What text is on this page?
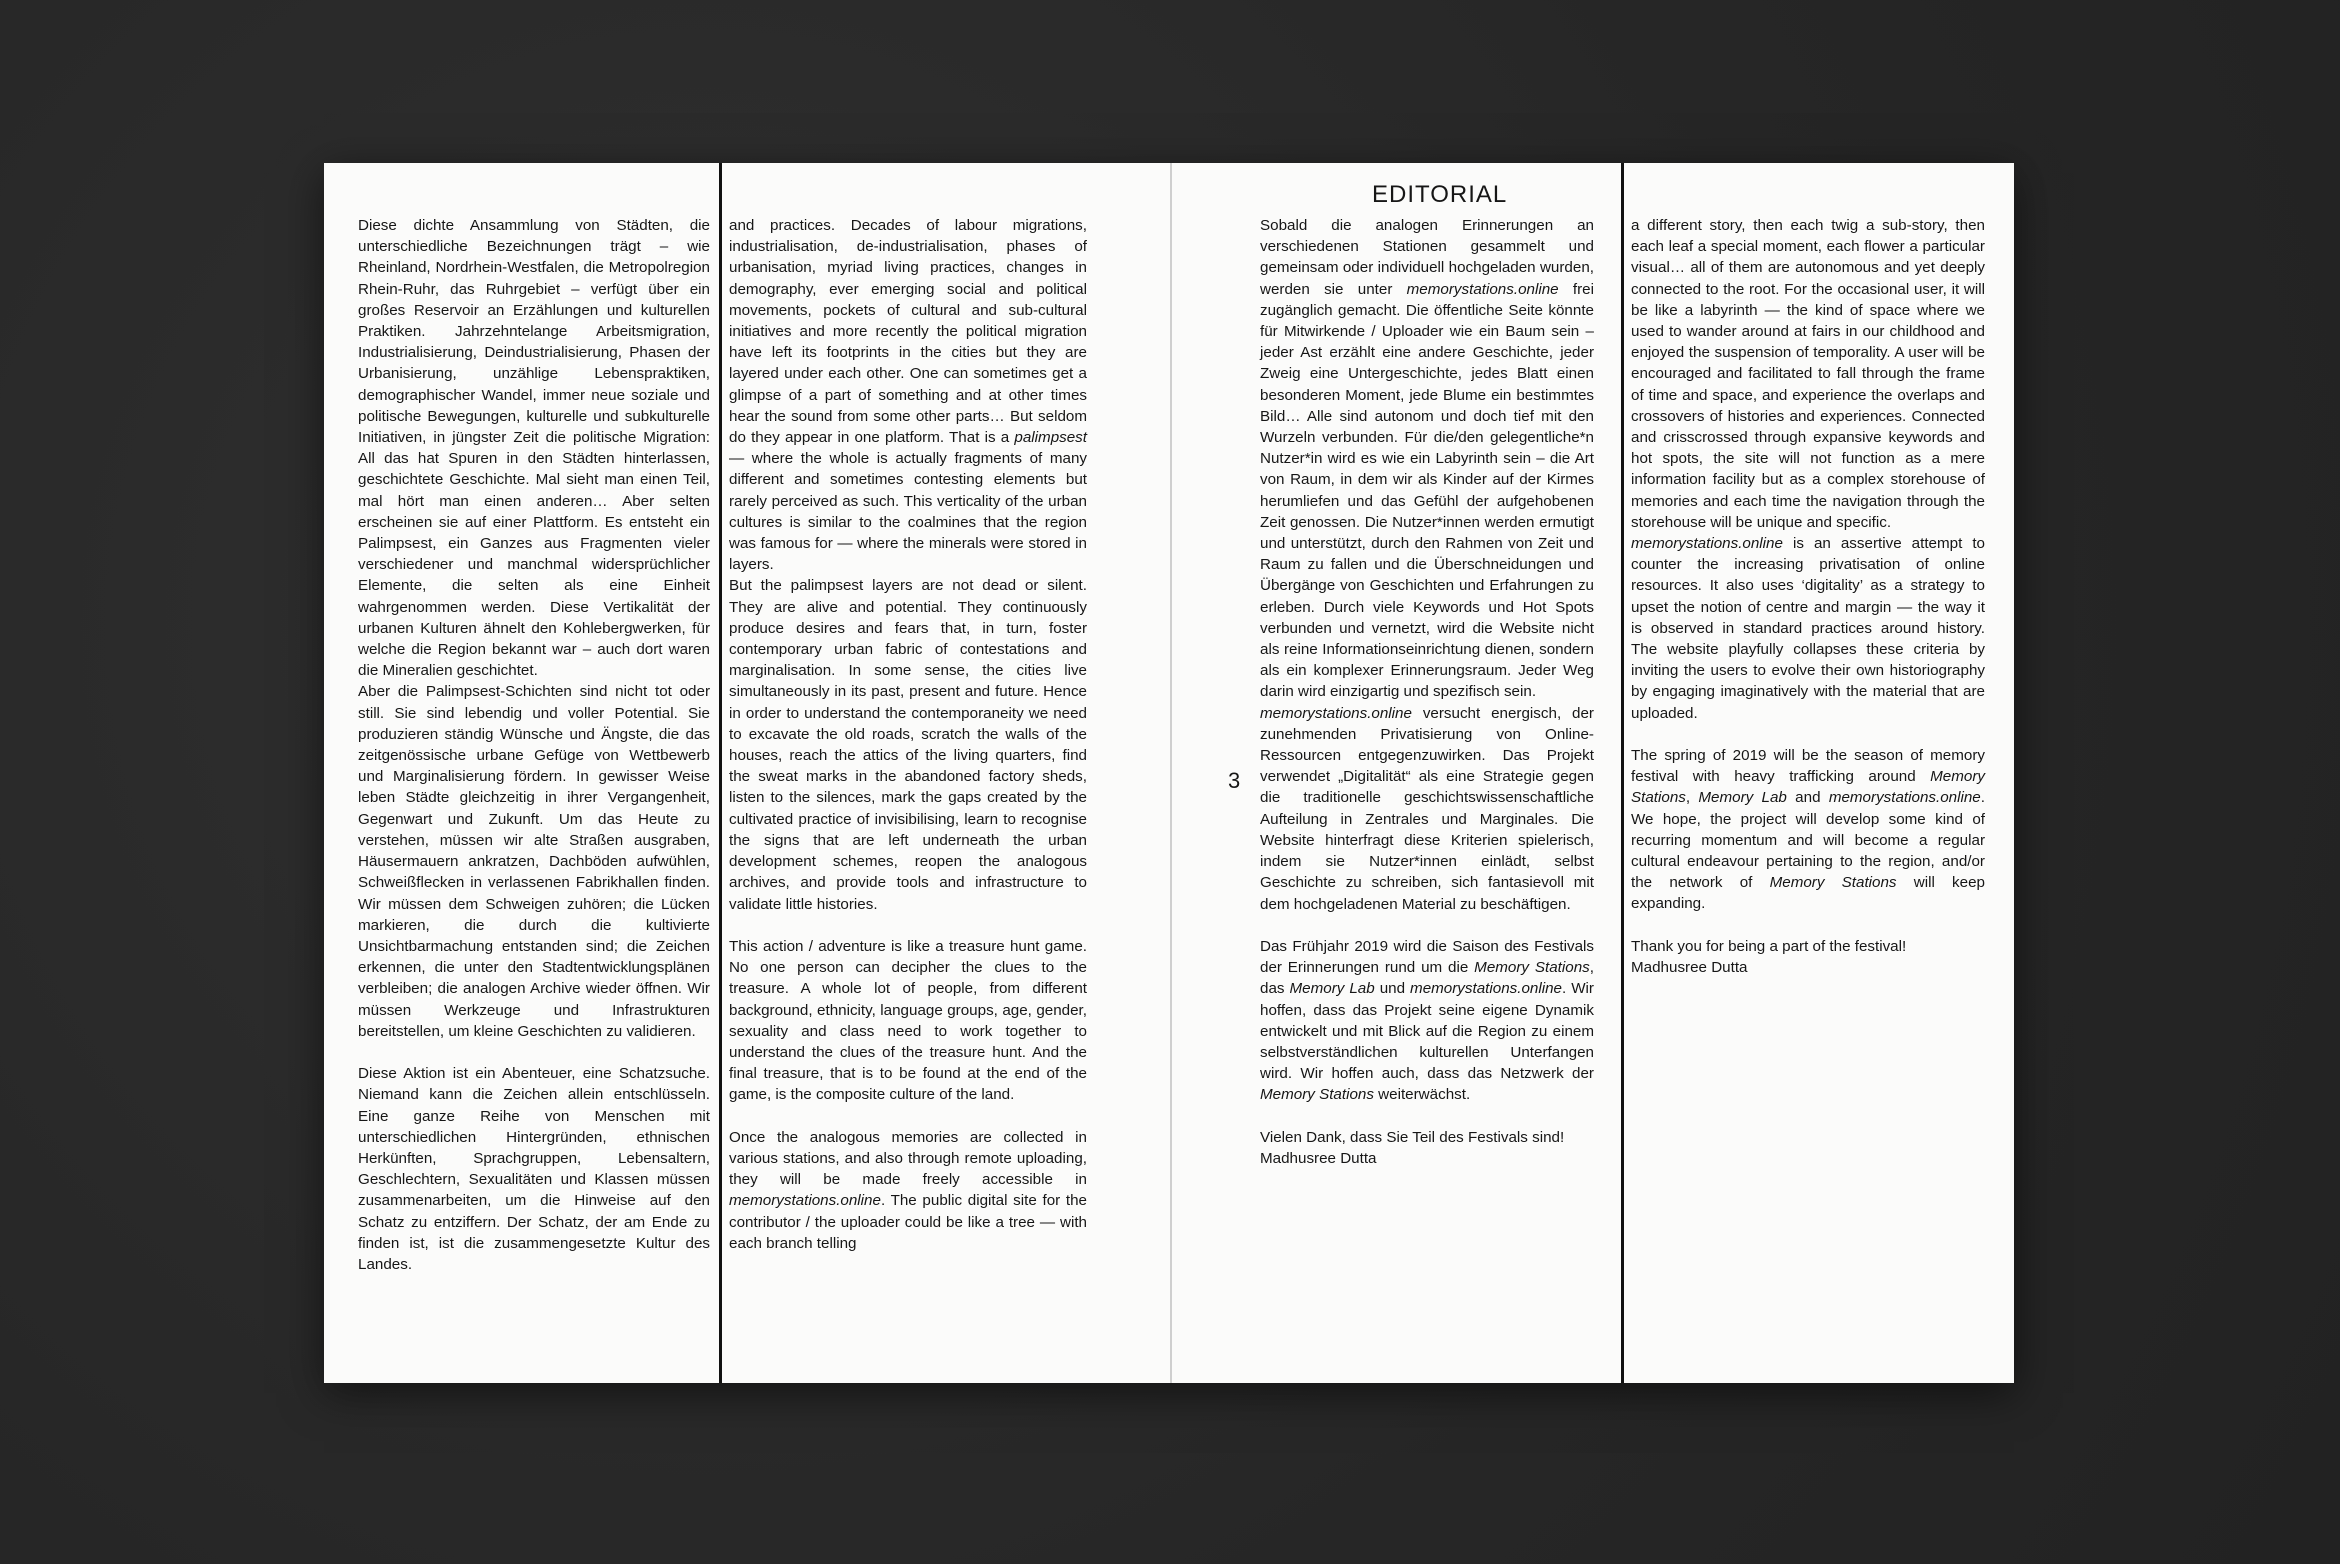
EDITORIAL
3

Diese dichte Ansammlung von Städten, die unterschiedliche Bezeichnungen trägt – wie Rheinland, Nordrhein-Westfalen, die Metropolregion Rhein-Ruhr, das Ruhrgebiet – verfügt über ein großes Reservoir an Erzählungen und kulturellen Praktiken. Jahrzehntelange Arbeitsmigration, Industrialisierung, Deindustrialisierung, Phasen der Urbanisierung, unzählige Lebenspraktiken, demographischer Wandel, immer neue soziale und politische Bewegungen, kulturelle und subkulturelle Initiativen, in jüngster Zeit die politische Migration: All das hat Spuren in den Städten hinterlassen, geschichtete Geschichte. Mal sieht man einen Teil, mal hört man einen anderen… Aber selten erscheinen sie auf einer Plattform. Es entsteht ein Palimpsest, ein Ganzes aus Fragmenten vieler verschiedener und manchmal widersprüchlicher Elemente, die selten als eine Einheit wahrgenommen werden. Diese Vertikalität der urbanen Kulturen ähnelt den Kohlebergwerken, für welche die Region bekannt war – auch dort waren die Mineralien geschichtet.

Aber die Palimpsest-Schichten sind nicht tot oder still. Sie sind lebendig und voller Potential. Sie produzieren ständig Wünsche und Ängste, die das zeitgenössische urbane Gefüge von Wettbewerb und Marginalisierung fördern. In gewisser Weise leben Städte gleichzeitig in ihrer Vergangenheit, Gegenwart und Zukunft. Um das Heute zu verstehen, müssen wir alte Straßen ausgraben, Häusermauern ankratzen, Dachböden aufwühlen, Schweißflecken in verlassenen Fabrikhallen finden. Wir müssen dem Schweigen zuhören; die Lücken markieren, die durch die kultivierte Unsichtbarmachung entstanden sind; die Zeichen erkennen, die unter den Stadtentwicklungsplänen verbleiben; die analogen Archive wieder öffnen. Wir müssen Werkzeuge und Infrastrukturen bereitstellen, um kleine Geschichten zu validieren.

Diese Aktion ist ein Abenteuer, eine Schatzsuche. Niemand kann die Zeichen allein entschlüsseln. Eine ganze Reihe von Menschen mit unterschiedlichen Hintergründen, ethnischen Herkünften, Sprachgruppen, Lebensaltern, Geschlechtern, Sexualitäten und Klassen müssen zusammenarbeiten, um die Hinweise auf den Schatz zu entziffern. Der Schatz, der am Ende zu finden ist, ist die zusammengesetzte Kultur des Landes.

and practices. Decades of labour migrations, industrialisation, de-industrialisation, phases of urbanisation, myriad living practices, changes in demography, ever emerging social and political movements, pockets of cultural and sub-cultural initiatives and more recently the political migration have left its footprints in the cities but they are layered under each other. One can sometimes get a glimpse of a part of something and at other times hear the sound from some other parts… But seldom do they appear in one platform. That is a palimpsest — where the whole is actually fragments of many different and sometimes contesting elements but rarely perceived as such. This verticality of the urban cultures is similar to the coalmines that the region was famous for — where the minerals were stored in layers.

But the palimpsest layers are not dead or silent. They are alive and potential. They continuously produce desires and fears that, in turn, foster contemporary urban fabric of contestations and marginalisation. In some sense, the cities live simultaneously in its past, present and future. Hence in order to understand the contemporaneity we need to excavate the old roads, scratch the walls of the houses, reach the attics of the living quarters, find the sweat marks in the abandoned factory sheds, listen to the silences, mark the gaps created by the cultivated practice of invisibilising, learn to recognise the signs that are left underneath the urban development schemes, reopen the analogous archives, and provide tools and infrastructure to validate little histories.

This action / adventure is like a treasure hunt game. No one person can decipher the clues to the treasure. A whole lot of people, from different background, ethnicity, language groups, age, gender, sexuality and class need to work together to understand the clues of the treasure hunt. And the final treasure, that is to be found at the end of the game, is the composite culture of the land.

Once the analogous memories are collected in various stations, and also through remote uploading, they will be made freely accessible in memorystations.online. The public digital site for the contributor / the uploader could be like a tree — with each branch telling

Sobald die analogen Erinnerungen an verschiedenen Stationen gesammelt und gemeinsam oder individuell hochgeladen wurden, werden sie unter memorystations.online frei zugänglich gemacht. Die öffentliche Seite könnte für Mitwirkende / Uploader wie ein Baum sein – jeder Ast erzählt eine andere Geschichte, jeder Zweig eine Untergeschichte, jedes Blatt einen besonderen Moment, jede Blume ein bestimmtes Bild… Alle sind autonom und doch tief mit den Wurzeln verbunden. Für die/den gelegentliche*n Nutzer*in wird es wie ein Labyrinth sein – die Art von Raum, in dem wir als Kinder auf der Kirmes herumliefen und das Gefühl der aufgehobenen Zeit genossen. Die Nutzer*innen werden ermutigt und unterstützt, durch den Rahmen von Zeit und Raum zu fallen und die Überschneidungen und Übergänge von Geschichten und Erfahrungen zu erleben. Durch viele Keywords und Hot Spots verbunden und vernetzt, wird die Website nicht als reine Informationseinrichtung dienen, sondern als ein komplexer Erinnerungsraum. Jeder Weg darin wird einzigartig und spezifisch sein.

memorystations.online versucht energisch, der zunehmenden Privatisierung von Online-Ressourcen entgegenzuwirken. Das Projekt verwendet „Digitalität“ als eine Strategie gegen die traditionelle geschichtswissenschaftliche Aufteilung in Zentrales und Marginales. Die Website hinterfragt diese Kriterien spielerisch, indem sie Nutzer*innen einlädt, selbst Geschichte zu schreiben, sich fantasievoll mit dem hochgeladenen Material zu beschäftigen.

Das Frühjahr 2019 wird die Saison des Festivals der Erinnerungen rund um die Memory Stations, das Memory Lab und memorystations.online. Wir hoffen, dass das Projekt seine eigene Dynamik entwickelt und mit Blick auf die Region zu einem selbstverständlichen kulturellen Unterfangen wird. Wir hoffen auch, dass das Netzwerk der Memory Stations weiterwächst.

Vielen Dank, dass Sie Teil des Festivals sind!

Madhusree Dutta

a different story, then each twig a sub-story, then each leaf a special moment, each flower a particular visual… all of them are autonomous and yet deeply connected to the root. For the occasional user, it will be like a labyrinth — the kind of space where we used to wander around at fairs in our childhood and enjoyed the suspension of temporality. A user will be encouraged and facilitated to fall through the frame of time and space, and experience the overlaps and crossovers of histories and experiences. Connected and crisscrossed through expansive keywords and hot spots, the site will not function as a mere information facility but as a complex storehouse of memories and each time the navigation through the storehouse will be unique and specific.

memorystations.online is an assertive attempt to counter the increasing privatisation of online resources. It also uses ‘digitality’ as a strategy to upset the notion of centre and margin — the way it is observed in standard practices around history. The website playfully collapses these criteria by inviting the users to evolve their own historiography by engaging imaginatively with the material that are uploaded.

The spring of 2019 will be the season of memory festival with heavy trafficking around Memory Stations, Memory Lab and memorystations.online. We hope, the project will develop some kind of recurring momentum and will become a regular cultural endeavour pertaining to the region, and/or the network of Memory Stations will keep expanding.

Thank you for being a part of the festival!

Madhusree Dutta
